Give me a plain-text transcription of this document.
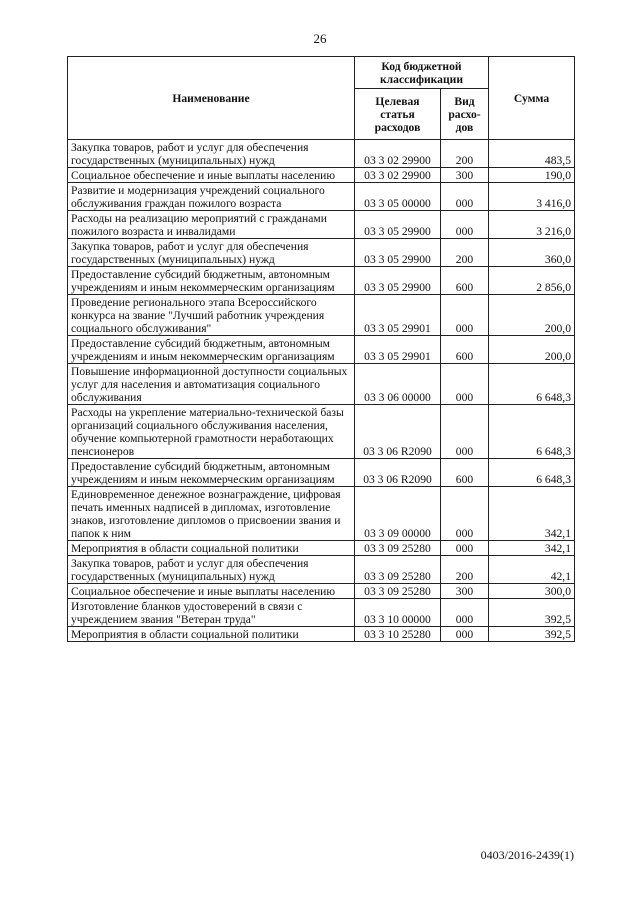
26
Наименование	Код бюджетной классификации		Сумма
	Целевая статья расходов	Вид расхо-дов	
Закупка товаров, работ и услуг для обеспечения государственных (муниципальных) нужд	03 3 02 29900	200	483,5
Социальное обеспечение и иные выплаты населению	03 3 02 29900	300	190,0
Развитие и модернизация учреждений социального обслуживания граждан пожилого возраста	03 3 05 00000	000	3 416,0
Расходы на реализацию мероприятий с гражданами пожилого возраста и инвалидами	03 3 05 29900	000	3 216,0
Закупка товаров, работ и услуг для обеспечения государственных (муниципальных) нужд	03 3 05 29900	200	360,0
Предоставление субсидий бюджетным, автономным учреждениям и иным некоммерческим организациям	03 3 05 29900	600	2 856,0
Проведение регионального этапа Всероссийского конкурса на звание "Лучший работник учреждения социального обслуживания"	03 3 05 29901	000	200,0
Предоставление субсидий бюджетным, автономным учреждениям и иным некоммерческим организациям	03 3 05 29901	600	200,0
Повышение информационной доступности социальных услуг для населения и автоматизация социального обслуживания	03 3 06 00000	000	6 648,3
Расходы на укрепление материально-технической базы организаций социального обслуживания населения, обучение компьютерной грамотности неработающих пенсионеров	03 3 06 R2090	000	6 648,3
Предоставление субсидий бюджетным, автономным учреждениям и иным некоммерческим организациям	03 3 06 R2090	600	6 648,3
Единовременное денежное вознаграждение, цифровая печать именных надписей в дипломах, изготовление знаков, изготовление дипломов о присвоении звания и папок к ним	03 3 09 00000	000	342,1
Мероприятия в области социальной политики	03 3 09 25280	000	342,1
Закупка товаров, работ и услуг для обеспечения государственных (муниципальных) нужд	03 3 09 25280	200	42,1
Социальное обеспечение и иные выплаты населению	03 3 09 25280	300	300,0
Изготовление бланков удостоверений в связи с учреждением звания "Ветеран труда"	03 3 10 00000	000	392,5
Мероприятия в области социальной политики	03 3 10 25280	000	392,5
0403/2016-2439(1)
